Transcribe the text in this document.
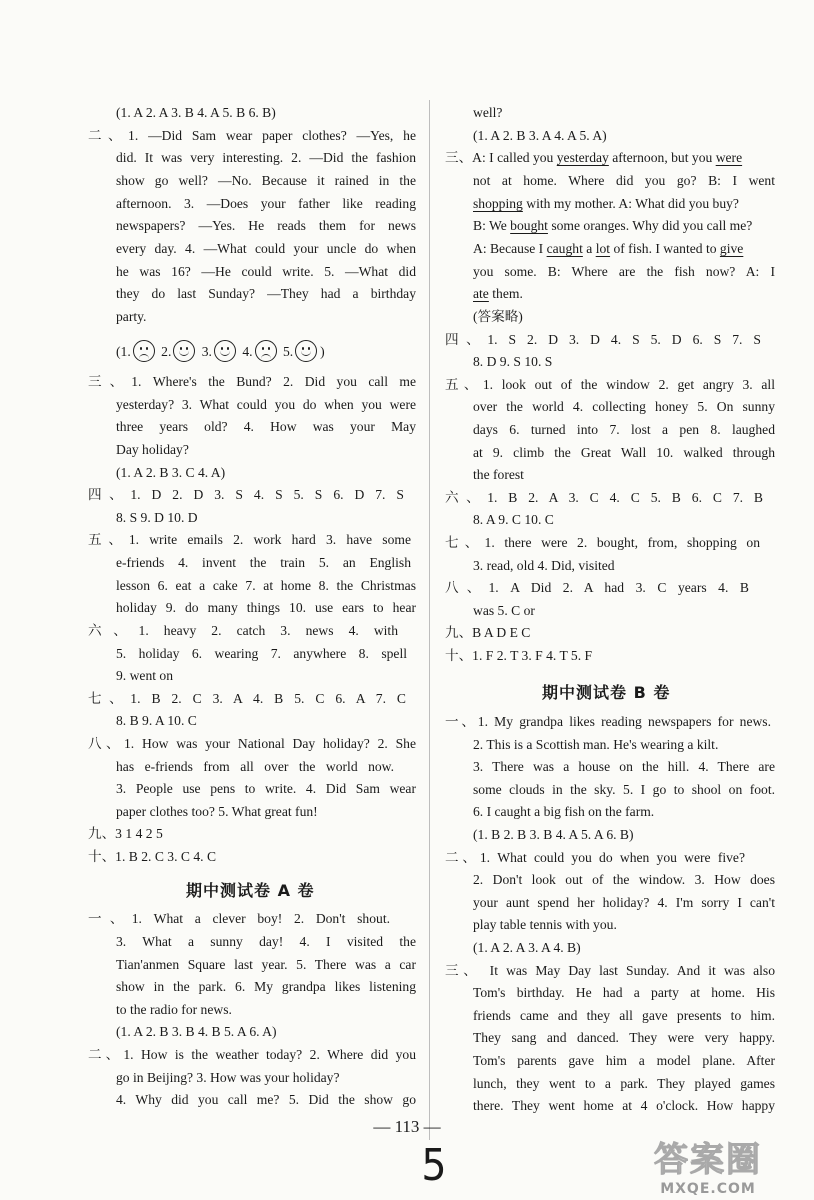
(1. A 2. A 3. B 4. A 5. B 6. B)
二、1. —Did Sam wear paper clothes? —Yes, he
did. It was very interesting. 2. —Did the fashion
show go well? —No. Because it rained in the
afternoon. 3. —Does your father like reading
newspapers? —Yes. He reads them for news
every day. 4. —What could your uncle do when
he was 16? —He could write. 5. —What did
they do last Sunday? —They had a birthday
party.
(1. 2. 3. 4. 5. )
三、1. Where's the Bund? 2. Did you call me
yesterday? 3. What could you do when you were
three years old? 4. How was your May
Day holiday?
(1. A 2. B 3. C 4. A)
四、1. D 2. D 3. S 4. S 5. S 6. D 7. S
8. S 9. D 10. D
五、1. write emails 2. work hard 3. have some
e-friends 4. invent the train 5. an English
lesson 6. eat a cake 7. at home 8. the Christmas
holiday 9. do many things 10. use ears to hear
六、1. heavy 2. catch 3. news 4. with
5. holiday 6. wearing 7. anywhere 8. spell
9. went on
七、1. B 2. C 3. A 4. B 5. C 6. A 7. C
8. B 9. A 10. C
八、1. How was your National Day holiday? 2. She
has e-friends from all over the world now.
3. People use pens to write. 4. Did Sam wear
paper clothes too? 5. What great fun!
九、3 1 4 2 5
十、1. B 2. C 3. C 4. C
期中测试卷 A 卷
一、1. What a clever boy! 2. Don't shout.
3. What a sunny day! 4. I visited the
Tian'anmen Square last year. 5. There was a car
show in the park. 6. My grandpa likes listening
to the radio for news.
(1. A 2. B 3. B 4. B 5. A 6. A)
二、1. How is the weather today? 2. Where did you
go in Beijing? 3. How was your holiday?
4. Why did you call me? 5. Did the show go
well?
(1. A 2. B 3. A 4. A 5. A)
三、A: I called you yesterday afternoon, but you were
not at home. Where did you go? B: I went
shopping with my mother. A: What did you buy?
B: We bought some oranges. Why did you call me?
A: Because I caught a lot of fish. I wanted to give
you some. B: Where are the fish now? A: I
ate them.
(答案略)
四、1. S 2. D 3. D 4. S 5. D 6. S 7. S
8. D 9. S 10. S
五、1. look out of the window 2. get angry 3. all
over the world 4. collecting honey 5. On sunny
days 6. turned into 7. lost a pen 8. laughed
at 9. climb the Great Wall 10. walked through
the forest
六、1. B 2. A 3. C 4. C 5. B 6. C 7. B
8. A 9. C 10. C
七、1. there were 2. bought, from, shopping on
3. read, old 4. Did, visited
八、1. A Did 2. A had 3. C years 4. B
was 5. C or
九、B A D E C
十、1. F 2. T 3. F 4. T 5. F
期中测试卷 B 卷
一、1. My grandpa likes reading newspapers for news.
2. This is a Scottish man. He's wearing a kilt.
3. There was a house on the hill. 4. There are
some clouds in the sky. 5. I go to shool on foot.
6. I caught a big fish on the farm.
(1. B 2. B 3. B 4. A 5. A 6. B)
二、1. What could you do when you were five?
2. Don't look out of the window. 3. How does
your aunt spend her holiday? 4. I'm sorry I can't
play table tennis with you.
(1. A 2. A 3. A 4. B)
三、 It was May Day last Sunday. And it was also
Tom's birthday. He had a party at home. His
friends came and they all gave presents to him.
They sang and danced. They were very happy.
Tom's parents gave him a model plane. After
lunch, they went to a park. They played games
there. They went home at 4 o'clock. How happy
— 113 —
5	答案圈
MXQE.COM
